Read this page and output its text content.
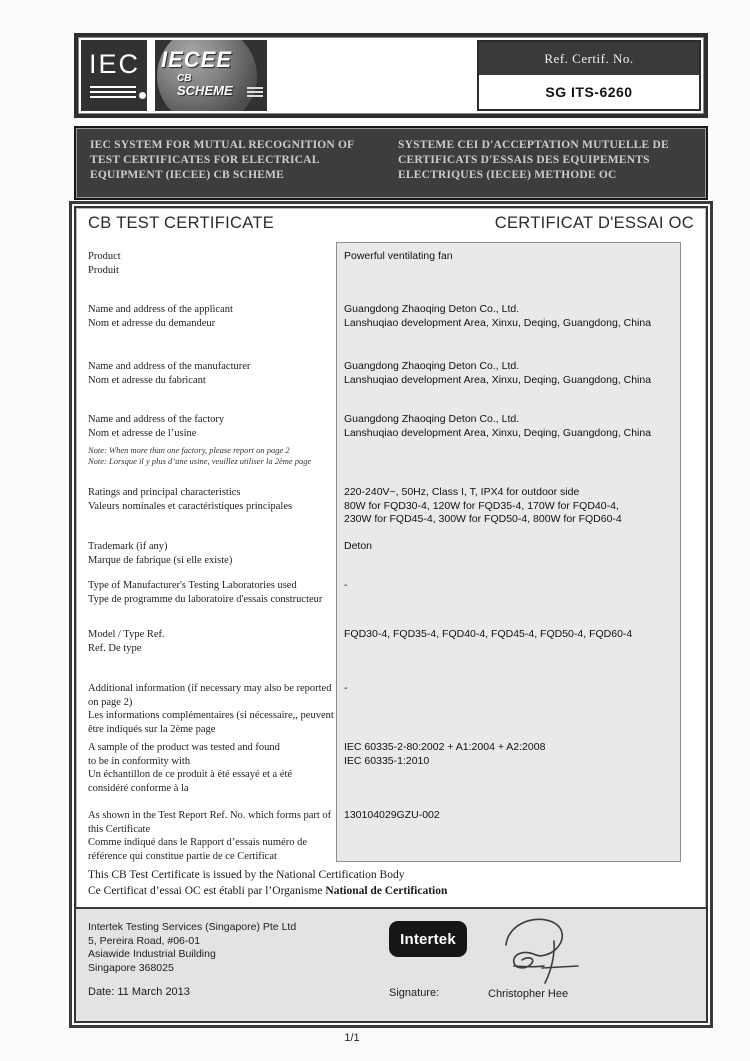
IEC IECEE
CB
SCHEME
Ref. Certif. No.
SG ITS-6260
IEC SYSTEM FOR MUTUAL RECOGNITION OF TEST CERTIFICATES FOR ELECTRICAL EQUIPMENT (IECEE) CB SCHEME
SYSTEME CEI D'ACCEPTATION MUTUELLE DE CERTIFICATS D'ESSAIS DES EQUIPEMENTS ELECTRIQUES (IECEE) METHODE OC
CB TEST CERTIFICATE	CERTIFICAT D'ESSAI OC
Product
Produit
Powerful ventilating fan
Name and address of the applicant
Nom et adresse du demandeur
Guangdong Zhaoqing Deton Co., Ltd.
Lanshuqiao development Area, Xinxu, Deqing, Guangdong, China
Name and address of the manufacturer
Nom et adresse du fabricant
Guangdong Zhaoqing Deton Co., Ltd.
Lanshuqiao development Area, Xinxu, Deqing, Guangdong, China
Name and address of the factory
Nom et adresse de l’usine
Note: When more than one factory, please report on page 2
Note: Lorsque il y plus d’une usine, veuillez utiliser la 2ème page
Guangdong Zhaoqing Deton Co., Ltd.
Lanshuqiao development Area, Xinxu, Deqing, Guangdong, China
Ratings and principal characteristics
Valeurs nominales et caractéristiques principales
220-240V~, 50Hz, Class I, T, IPX4 for outdoor side
80W for FQD30-4, 120W for FQD35-4, 170W for FQD40-4,
230W for FQD45-4, 300W for FQD50-4, 800W for FQD60-4
Trademark (if any)
Marque de fabrique (si elle existe)
Deton
Type of Manufacturer's Testing Laboratories used
Type de programme du laboratoire d'essais constructeur
-
Model / Type Ref.
Ref. De type
FQD30-4, FQD35-4, FQD40-4, FQD45-4, FQD50-4, FQD60-4
Additional information (if necessary may also be reported
on page 2)
Les informations complémentaires (si nécessaire,, peuvent
être indiqués sur la 2ème page
-
A sample of the product was tested and found
to be in conformity with
Un échantillon de ce produit à été essayé et a été
considéré conforme à la
IEC 60335-2-80:2002 + A1:2004 + A2:2008
IEC 60335-1:2010
As shown in the Test Report Ref. No. which forms part of
this Certificate
Comme indiqué dans le Rapport d’essais numéro de
référence qui constitue partie de ce Certificat
130104029GZU-002
This CB Test Certificate is issued by the National Certification Body
Ce Certificat d’essai OC est établi par l’Organisme National de Certification
Intertek Testing Services (Singapore) Pte Ltd
5, Pereira Road, #06-01
Asiawide Industrial Building
Singapore 368025
Date: 11 March 2013
Intertek
Signature:	Christopher Hee
1/1
